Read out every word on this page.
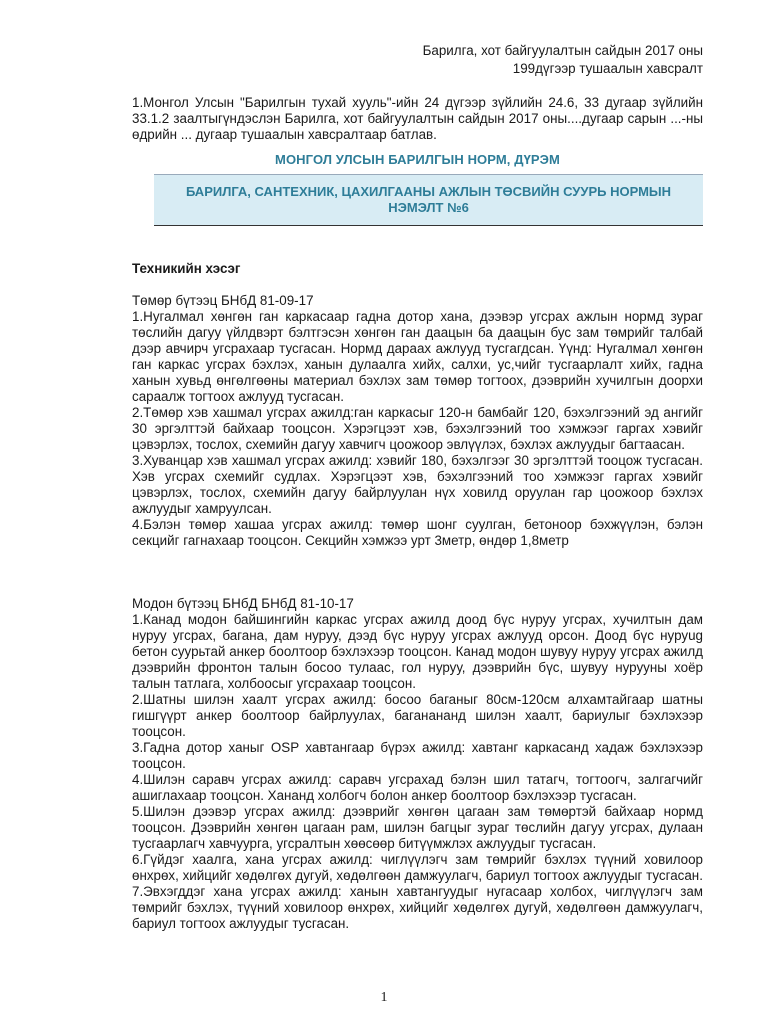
Барилга, хот байгуулалтын сайдын 2017 оны
199дүгээр тушаалын хавсралт
1.Монгол Улсын "Барилгын тухай хууль"-ийн 24 дүгээр зүйлийн 24.6, 33 дугаар зүйлийн 33.1.2 заалтыгүндэслэн Барилга, хот байгуулалтын сайдын 2017 оны....дугаар сарын ...-ны өдрийн ... дугаар тушаалын хавсралтаар батлав.
МОНГОЛ УЛСЫН БАРИЛГЫН НОРМ, ДҮРЭМ
БАРИЛГА, САНТЕХНИК, ЦАХИЛГААНЫ АЖЛЫН ТӨСВИЙН СУУРЬ НОРМЫН НЭМЭЛТ №6
Техникийн хэсэг

Төмөр бүтээц БНбД 81-09-17

1.Нугалмал хөнгөн ган каркасаар гадна дотор хана, дээвэр угсрах ажлын нормд зураг төслийн дагуу үйлдвэрт бэлтгэсэн хөнгөн ган даацын ба даацын бус зам төмрийг талбай дээр авчирч угсрахаар тусгасан. Нормд дараах ажлууд тусгагдсан. Үүнд: Нугалмал хөнгөн ган каркас угсрах бэхлэх, ханын дулаалга хийх, салхи, ус,чийг тусгаарлалт хийх, гадна ханын хувьд өнгөлгөөны материал бэхлэх зам төмөр тогтоох, дээврийн хучилгын доорхи сараалж тогтоох ажлууд тусгасан.

2.Төмөр хэв хашмал угсрах ажилд:ган каркасыг 120-н бамбайг 120, бэхэлгээний эд ангийг 30 эргэлттэй байхаар тооцсон. Хэрэгцээт хэв, бэхэлгээний тоо хэмжээг гаргах хэвийг цэвэрлэх, тослох, схемийн дагуу хавчигч цоожоор эвлүүлэх, бэхлэх ажлуудыг багтаасан.

3.Хуванцар хэв хашмал угсрах ажилд: хэвийг 180, бэхэлгээг 30 эргэлттэй тооцож тусгасан. Хэв угсрах схемийг судлах. Хэрэгцээт хэв, бэхэлгээний тоо хэмжээг гаргах хэвийг цэвэрлэх, тослох, схемийн дагуу байрлуулан нүх ховилд оруулан гар цоожоор бэхлэх ажлуудыг хамруулсан.

4.Бэлэн төмөр хашаа угсрах ажилд: төмөр шонг суулган, бетоноор бэхжүүлэн, бэлэн секцийг гагнахаар тооцсон. Секцийн хэмжээ урт 3метр, өндөр 1,8метр

Модон бүтээц БНбД БНбД 81-10-17

1.Канад модон байшингийн каркас угсрах ажилд доод бүс нуруу угсрах, хучилтын дам нуруу угсрах, багана, дам нуруу, дээд бүс нуруу угсрах ажлууд орсон. Доод бүс нуруug бетон суурьтай анкер боолтоор бэхлэхээр тооцсон. Канад модон шувуу нуруу угсрах ажилд дээврийн фронтон талын босоо тулаас, гол нуруу, дээврийн бүс, шувуу нурууны хоёр талын татлага, холбоосыг угсрахаар тооцсон.

2.Шатны шилэн хаалт угсрах ажилд: босоо баганыг 80см-120см алхамтайгаар шатны гишгүүрт анкер боолтоор байрлуулах, баганананд шилэн хаалт, бариулыг бэхлэхээр тооцсон.

3.Гадна дотор ханыг OSP хавтангаар бүрэх ажилд: хавтанг каркасанд хадаж бэхлэхээр тооцсон.

4.Шилэн саравч угсрах ажилд: саравч угсрахад бэлэн шил татагч, тогтоогч, залгагчийг ашиглахаар тооцсон. Хананд холбогч болон анкер боолтоор бэхлэхээр тусгасан.

5.Шилэн дээвэр угсрах ажилд: дээврийг хөнгөн цагаан зам төмөртэй байхаар нормд тооцсон. Дээврийн хөнгөн цагаан рам, шилэн багцыг зураг төслийн дагуу угсрах, дулаан тусгаарлагч хавчуурга, угсралтын хөөсөөр битүүмжлэх ажлуудыг тусгасан.

6.Гүйдэг хаалга, хана угсрах ажилд: чиглүүлэгч зам төмрийг бэхлэх түүний ховилоор өнхрөх, хийцийг хөдөлгөх дугуй, хөдөлгөөн дамжуулагч, бариул тогтоох ажлуудыг тусгасан.

7.Эвхэгддэг хана угсрах ажилд: ханын хавтангуудыг нугасаар холбох, чиглүүлэгч зам төмрийг бэхлэх, түүний ховилоор өнхрөх, хийцийг хөдөлгөх дугуй, хөдөлгөөн дамжуулагч, бариул тогтоох ажлуудыг тусгасан.

1
